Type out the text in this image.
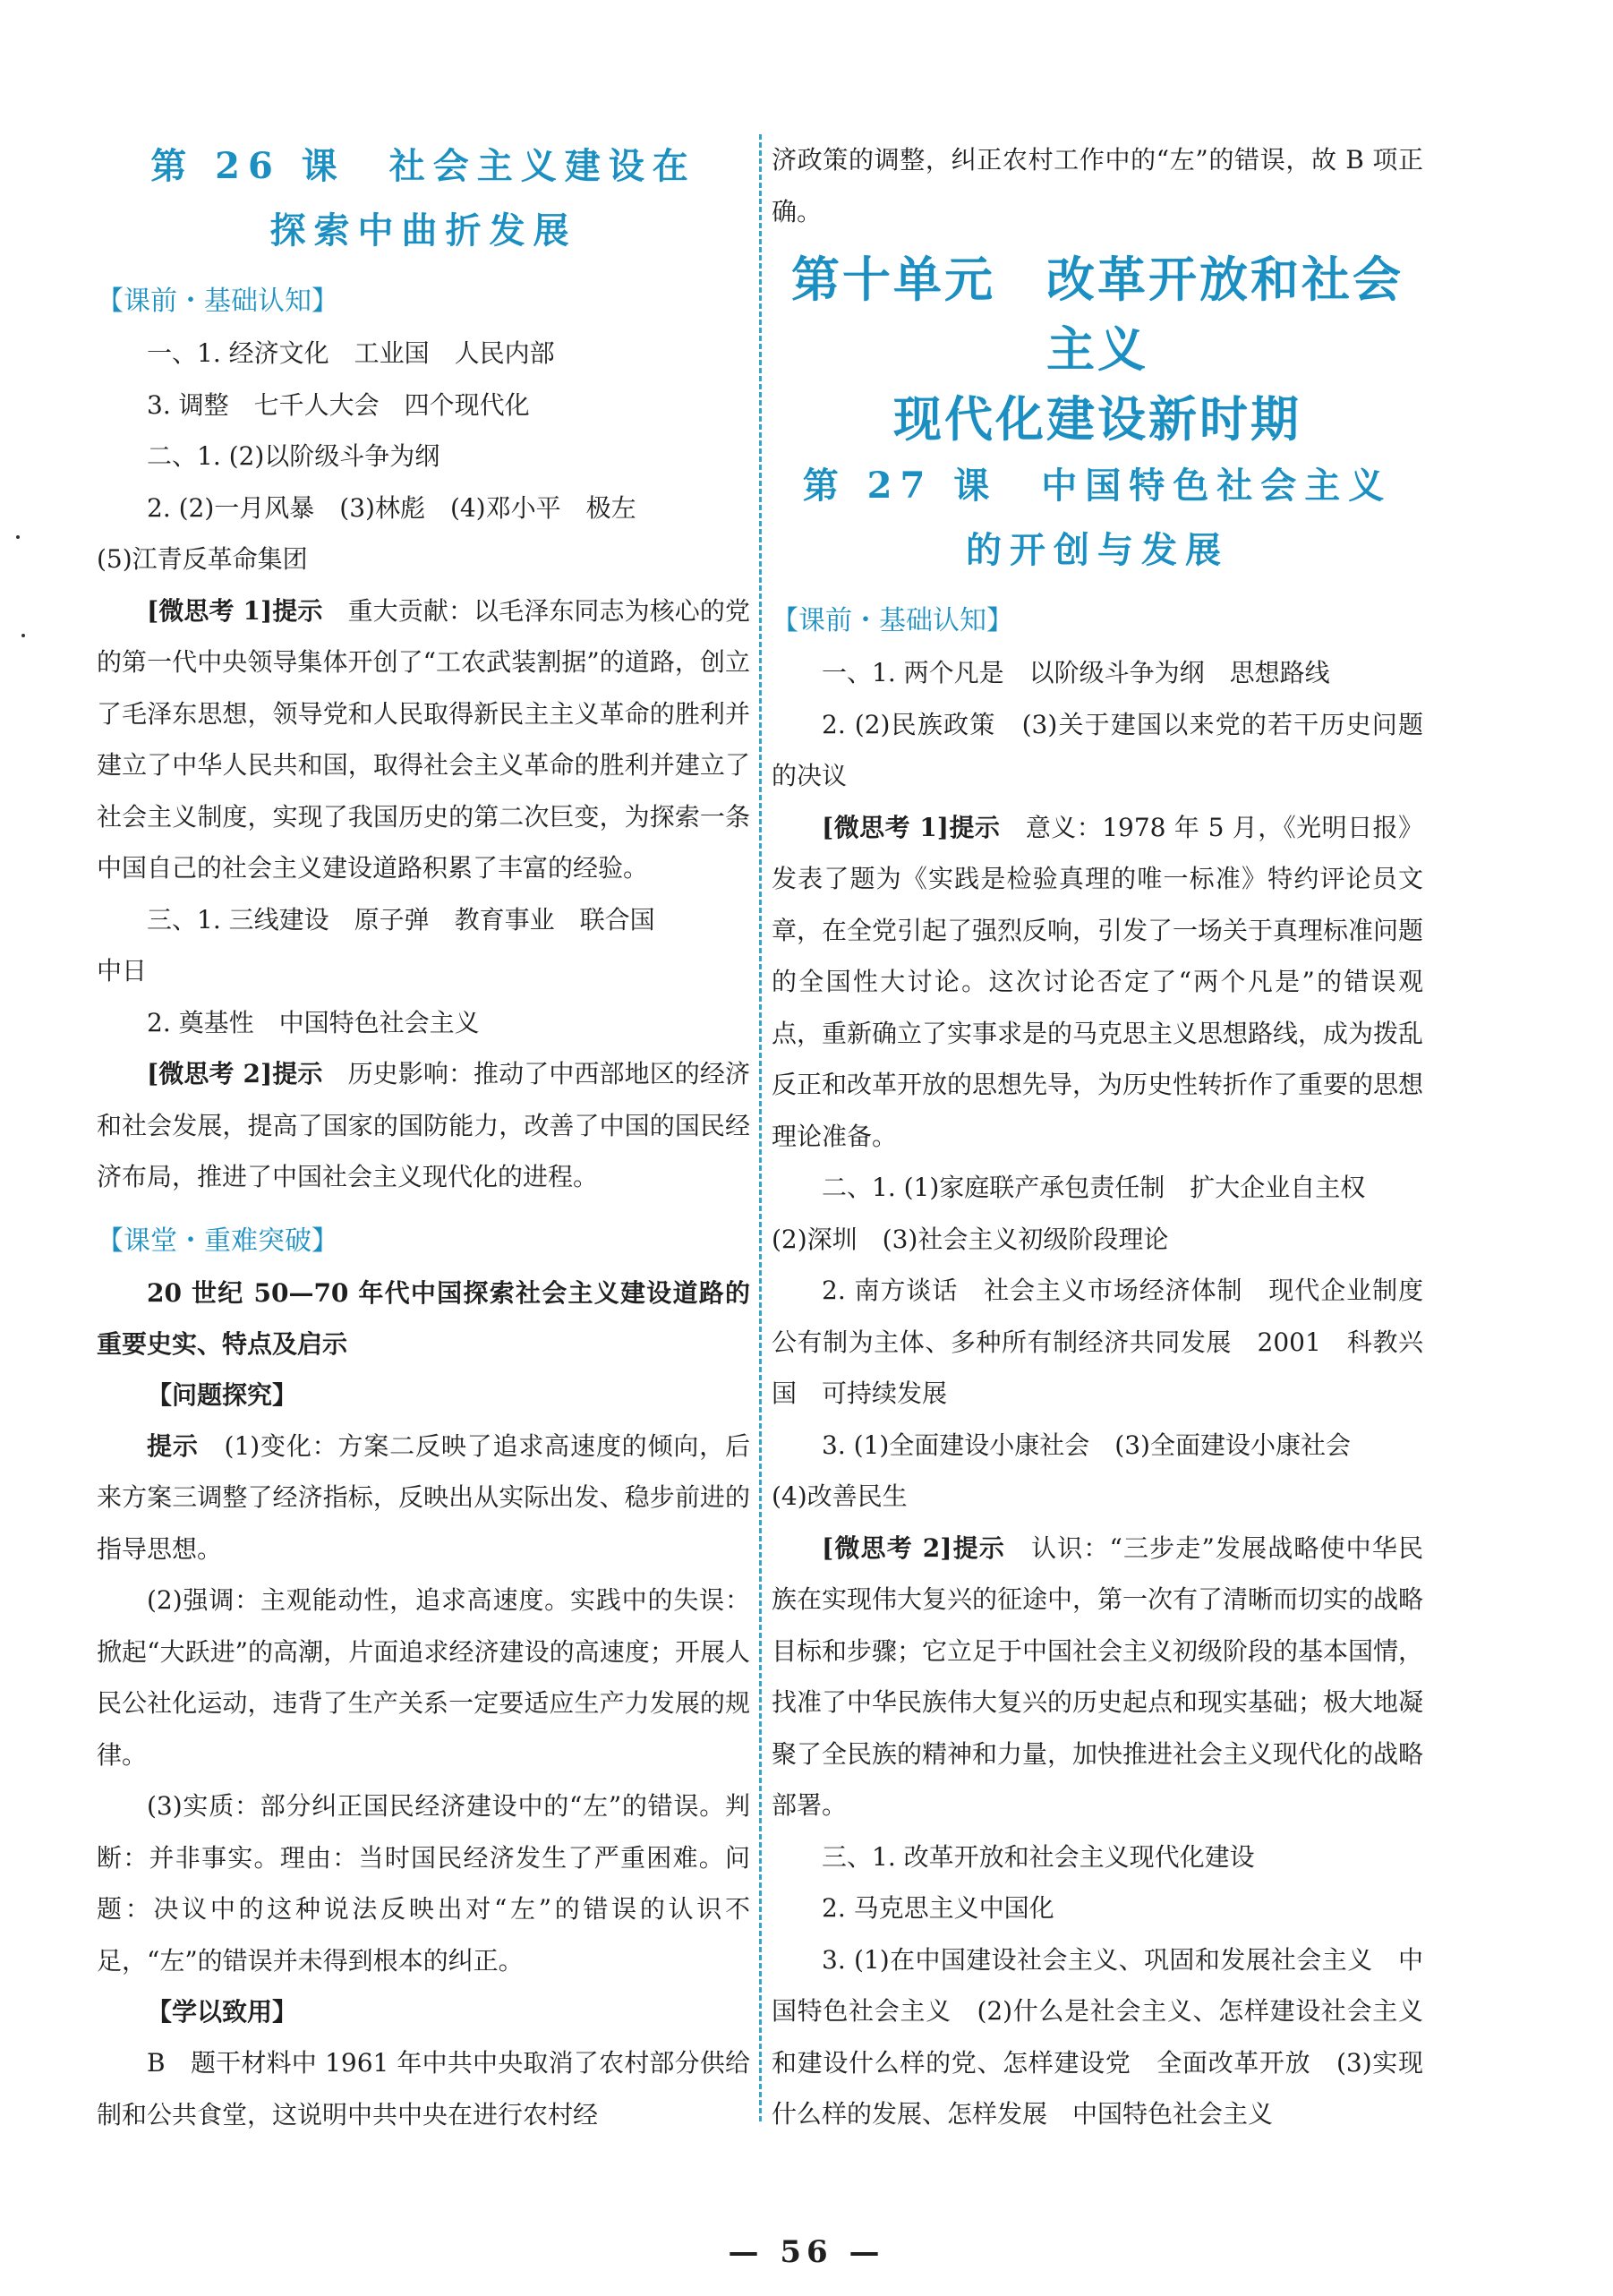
第 26 课　社会主义建设在

探索中曲折发展

【课前・基础认知】

一、1. 经济文化　工业国　人民内部

3. 调整　七千人大会　四个现代化

二、1. (2)以阶级斗争为纲

2. (2)一月风暴　(3)林彪　(4)邓小平　极左

(5)江青反革命集团

[微思考 1]提示　 重大贡献：以毛泽东同志为核心的党的第一代中央领导集体开创了“工农武装割据”的道路，创立了毛泽东思想，领导党和人民取得新民主主义革命的胜利并建立了中华人民共和国，取得社会主义革命的胜利并建立了社会主义制度，实现了我国历史的第二次巨变，为探索一条中国自己的社会主义建设道路积累了丰富的经验。

三、1. 三线建设　原子弹　教育事业　联合国

中日

2. 奠基性　中国特色社会主义

[微思考 2]提示　 历史影响：推动了中西部地区的经济和社会发展，提高了国家的国防能力，改善了中国的国民经济布局，推进了中国社会主义现代化的进程。

【课堂・重难突破】

20 世纪 50—70 年代中国探索社会主义建设道路的重要史实、特点及启示

【问题探究】

提示　 (1)变化：方案二反映了追求高速度的倾向，后来方案三调整了经济指标，反映出从实际出发、稳步前进的指导思想。

(2)强调：主观能动性，追求高速度。实践中的失误：掀起“大跃进”的高潮，片面追求经济建设的高速度；开展人民公社化运动，违背了生产关系一定要适应生产力发展的规律。

(3)实质：部分纠正国民经济建设中的“左”的错误。判断：并非事实。理由：当时国民经济发生了严重困难。问题：决议中的这种说法反映出对“左”的错误的认识不足，“左”的错误并未得到根本的纠正。

【学以致用】

B　题干材料中 1961 年中共中央取消了农村部分供给制和公共食堂，这说明中共中央在进行农村经

济政策的调整，纠正农村工作中的“左”的错误，故 B 项正确。

第十单元　改革开放和社会主义

现代化建设新时期

第 27 课　中国特色社会主义

的开创与发展

【课前・基础认知】

一、1. 两个凡是　以阶级斗争为纲　思想路线

2. (2)民族政策　(3)关于建国以来党的若干历史问题的决议

[微思考 1]提示　 意义：1978 年 5 月，《光明日报》发表了题为《实践是检验真理的唯一标准》特约评论员文章，在全党引起了强烈反响，引发了一场关于真理标准问题的全国性大讨论。这次讨论否定了“两个凡是”的错误观点，重新确立了实事求是的马克思主义思想路线，成为拨乱反正和改革开放的思想先导，为历史性转折作了重要的思想理论准备。

二、1. (1)家庭联产承包责任制　扩大企业自主权

(2)深圳　(3)社会主义初级阶段理论

2. 南方谈话　社会主义市场经济体制　现代企业制度　公有制为主体、多种所有制经济共同发展　2001　科教兴国　可持续发展

3. (1)全面建设小康社会　(3)全面建设小康社会

(4)改善民生

[微思考 2]提示　 认识：“三步走”发展战略使中华民族在实现伟大复兴的征途中，第一次有了清晰而切实的战略目标和步骤；它立足于中国社会主义初级阶段的基本国情，找准了中华民族伟大复兴的历史起点和现实基础；极大地凝聚了全民族的精神和力量，加快推进社会主义现代化的战略部署。

三、1. 改革开放和社会主义现代化建设

2. 马克思主义中国化

3. (1)在中国建设社会主义、巩固和发展社会主义　中国特色社会主义　(2)什么是社会主义、怎样建设社会主义和建设什么样的党、怎样建设党　全面改革开放　(3)实现什么样的发展、怎样发展　中国特色社会主义

— 56 —
